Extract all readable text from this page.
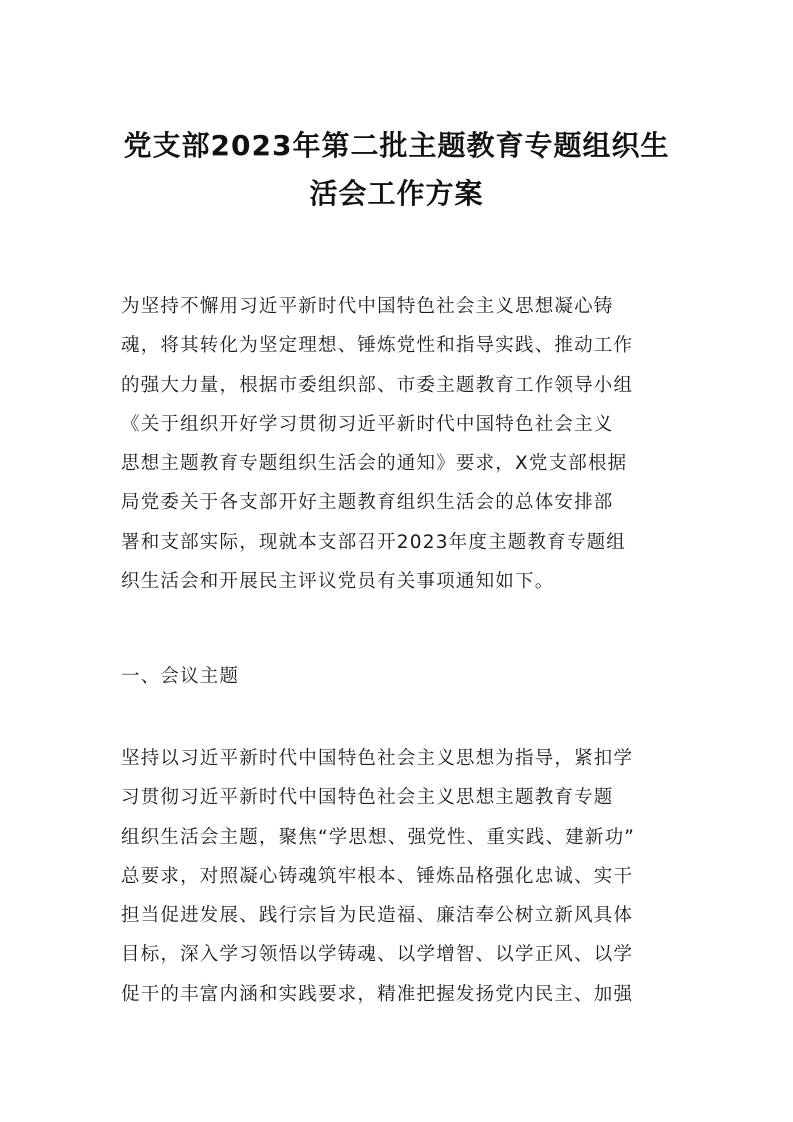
党支部2023年第二批主题教育专题组织生
活会工作方案
为坚持不懈用习近平新时代中国特色社会主义思想凝心铸
魂，将其转化为坚定理想、锤炼党性和指导实践、推动工作
的强大力量，根据市委组织部、市委主题教育工作领导小组
《关于组织开好学习贯彻习近平新时代中国特色社会主义
思想主题教育专题组织生活会的通知》要求，X党支部根据
局党委关于各支部开好主题教育组织生活会的总体安排部
署和支部实际，现就本支部召开2023年度主题教育专题组
织生活会和开展民主评议党员有关事项通知如下。
一、会议主题
坚持以习近平新时代中国特色社会主义思想为指导，紧扣学
习贯彻习近平新时代中国特色社会主义思想主题教育专题
组织生活会主题，聚焦“学思想、强党性、重实践、建新功”
总要求，对照凝心铸魂筑牢根本、锤炼品格强化忠诚、实干
担当促进发展、践行宗旨为民造福、廉洁奉公树立新风具体
目标，深入学习领悟以学铸魂、以学增智、以学正风、以学
促干的丰富内涵和实践要求，精准把握发扬党内民主、加强
